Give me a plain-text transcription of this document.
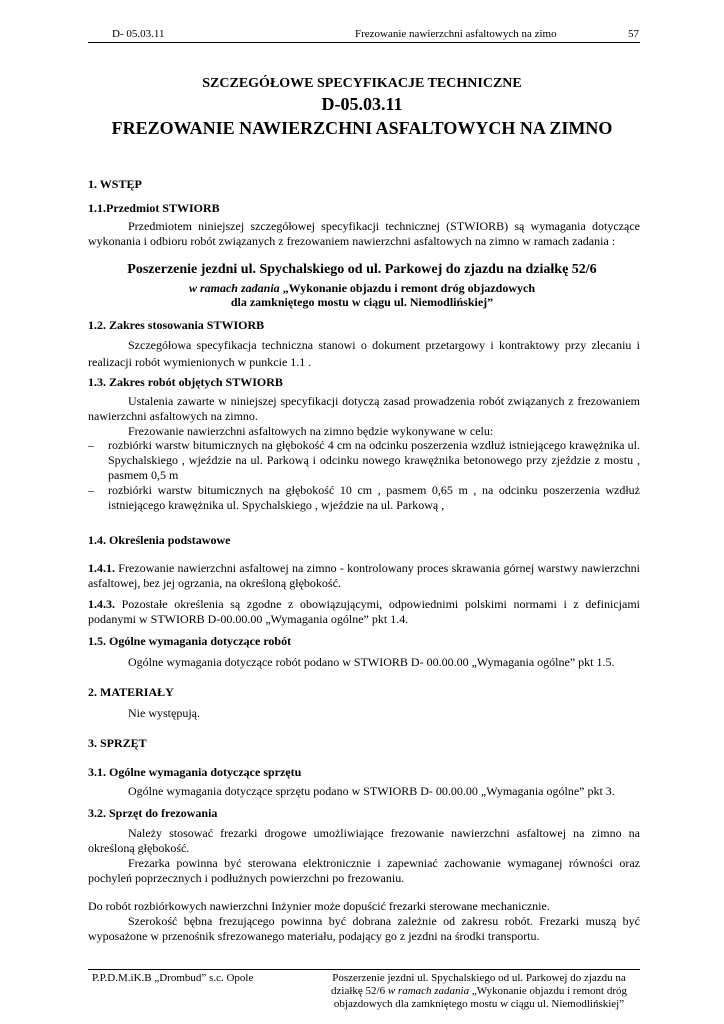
D- 05.03.11	Frezowanie nawierzchni asfaltowych na zimo	57
SZCZEGÓŁOWE SPECYFIKACJE TECHNICZNE
D-05.03.11
FREZOWANIE NAWIERZCHNI ASFALTOWYCH NA ZIMNO
1. WSTĘP
1.1.Przedmiot STWIORB
Przedmiotem niniejszej szczegółowej specyfikacji technicznej (STWIORB) są wymagania dotyczące wykonania i odbioru robót związanych z frezowaniem nawierzchni asfaltowych na zimno w ramach zadania :
Poszerzenie jezdni ul. Spychalskiego od ul. Parkowej do zjazdu na działkę 52/6
w ramach zadania „Wykonanie objazdu i remont dróg objazdowych
dla zamkniętego mostu w ciągu ul. Niemodlińskiej”
1.2. Zakres stosowania STWIORB
Szczegółowa specyfikacja techniczna stanowi o dokument przetargowy i kontraktowy przy zlecaniu i realizacji robót wymienionych w punkcie 1.1 .
1.3. Zakres robót objętych STWIORB
Ustalenia zawarte w niniejszej specyfikacji dotyczą zasad prowadzenia robót związanych z frezowaniem nawierzchni asfaltowych na zimno.
Frezowanie nawierzchni asfaltowych na zimno będzie wykonywane w celu:
– rozbiórki warstw bitumicznych na głębokość 4 cm na odcinku poszerzenia wzdłuż istniejącego krawężnika ul. Spychalskiego , wjeździe na ul. Parkową i odcinku nowego krawężnika betonowego przy zjeździe z mostu , pasmem 0,5 m
– rozbiórki warstw bitumicznych na głębokość 10 cm , pasmem 0,65 m , na odcinku poszerzenia wzdłuż istniejącego krawężnika ul. Spychalskiego , wjeździe na ul. Parkową ,
1.4. Określenia podstawowe
1.4.1. Frezowanie nawierzchni asfaltowej na zimno - kontrolowany proces skrawania górnej warstwy nawierzchni asfaltowej, bez jej ogrzania, na określoną głębokość.
1.4.3. Pozostałe określenia są zgodne z obowiązującymi, odpowiednimi polskimi normami i z definicjami podanymi w STWIORB D-00.00.00 „Wymagania ogólne” pkt 1.4.
1.5. Ogólne wymagania dotyczące robót
Ogólne wymagania dotyczące robót podano w STWIORB D- 00.00.00 „Wymagania ogólne” pkt 1.5.
2. MATERIAŁY
Nie występują.
3. SPRZĘT
3.1. Ogólne wymagania dotyczące sprzętu
Ogólne wymagania dotyczące sprzętu podano w STWIORB D- 00.00.00 „Wymagania ogólne” pkt 3.
3.2. Sprzęt do frezowania
Należy stosować frezarki drogowe umożliwiające frezowanie nawierzchni asfaltowej na zimno na określoną głębokość.
Frezarka powinna być sterowana elektronicznie i zapewniać zachowanie wymaganej równości oraz pochyleń poprzecznych i podłużnych powierzchni po frezowaniu.
Do robót rozbiórkowych nawierzchni Inżynier może dopuścić frezarki sterowane mechanicznie.
Szerokość bębna frezującego powinna być dobrana zależnie od zakresu robót. Frezarki muszą być wyposażone w przenośnik sfrezowanego materiału, podający go z jezdni na środki transportu.
P.P.D.M.iK.B „Drombud” s.c. Opole	Poszerzenie jezdni ul. Spychalskiego od ul. Parkowej do zjazdu na
działkę 52/6 w ramach zadania „Wykonanie objazdu i remont dróg
objazdowych dla zamkniętego mostu w ciągu ul. Niemodlińskiej”
